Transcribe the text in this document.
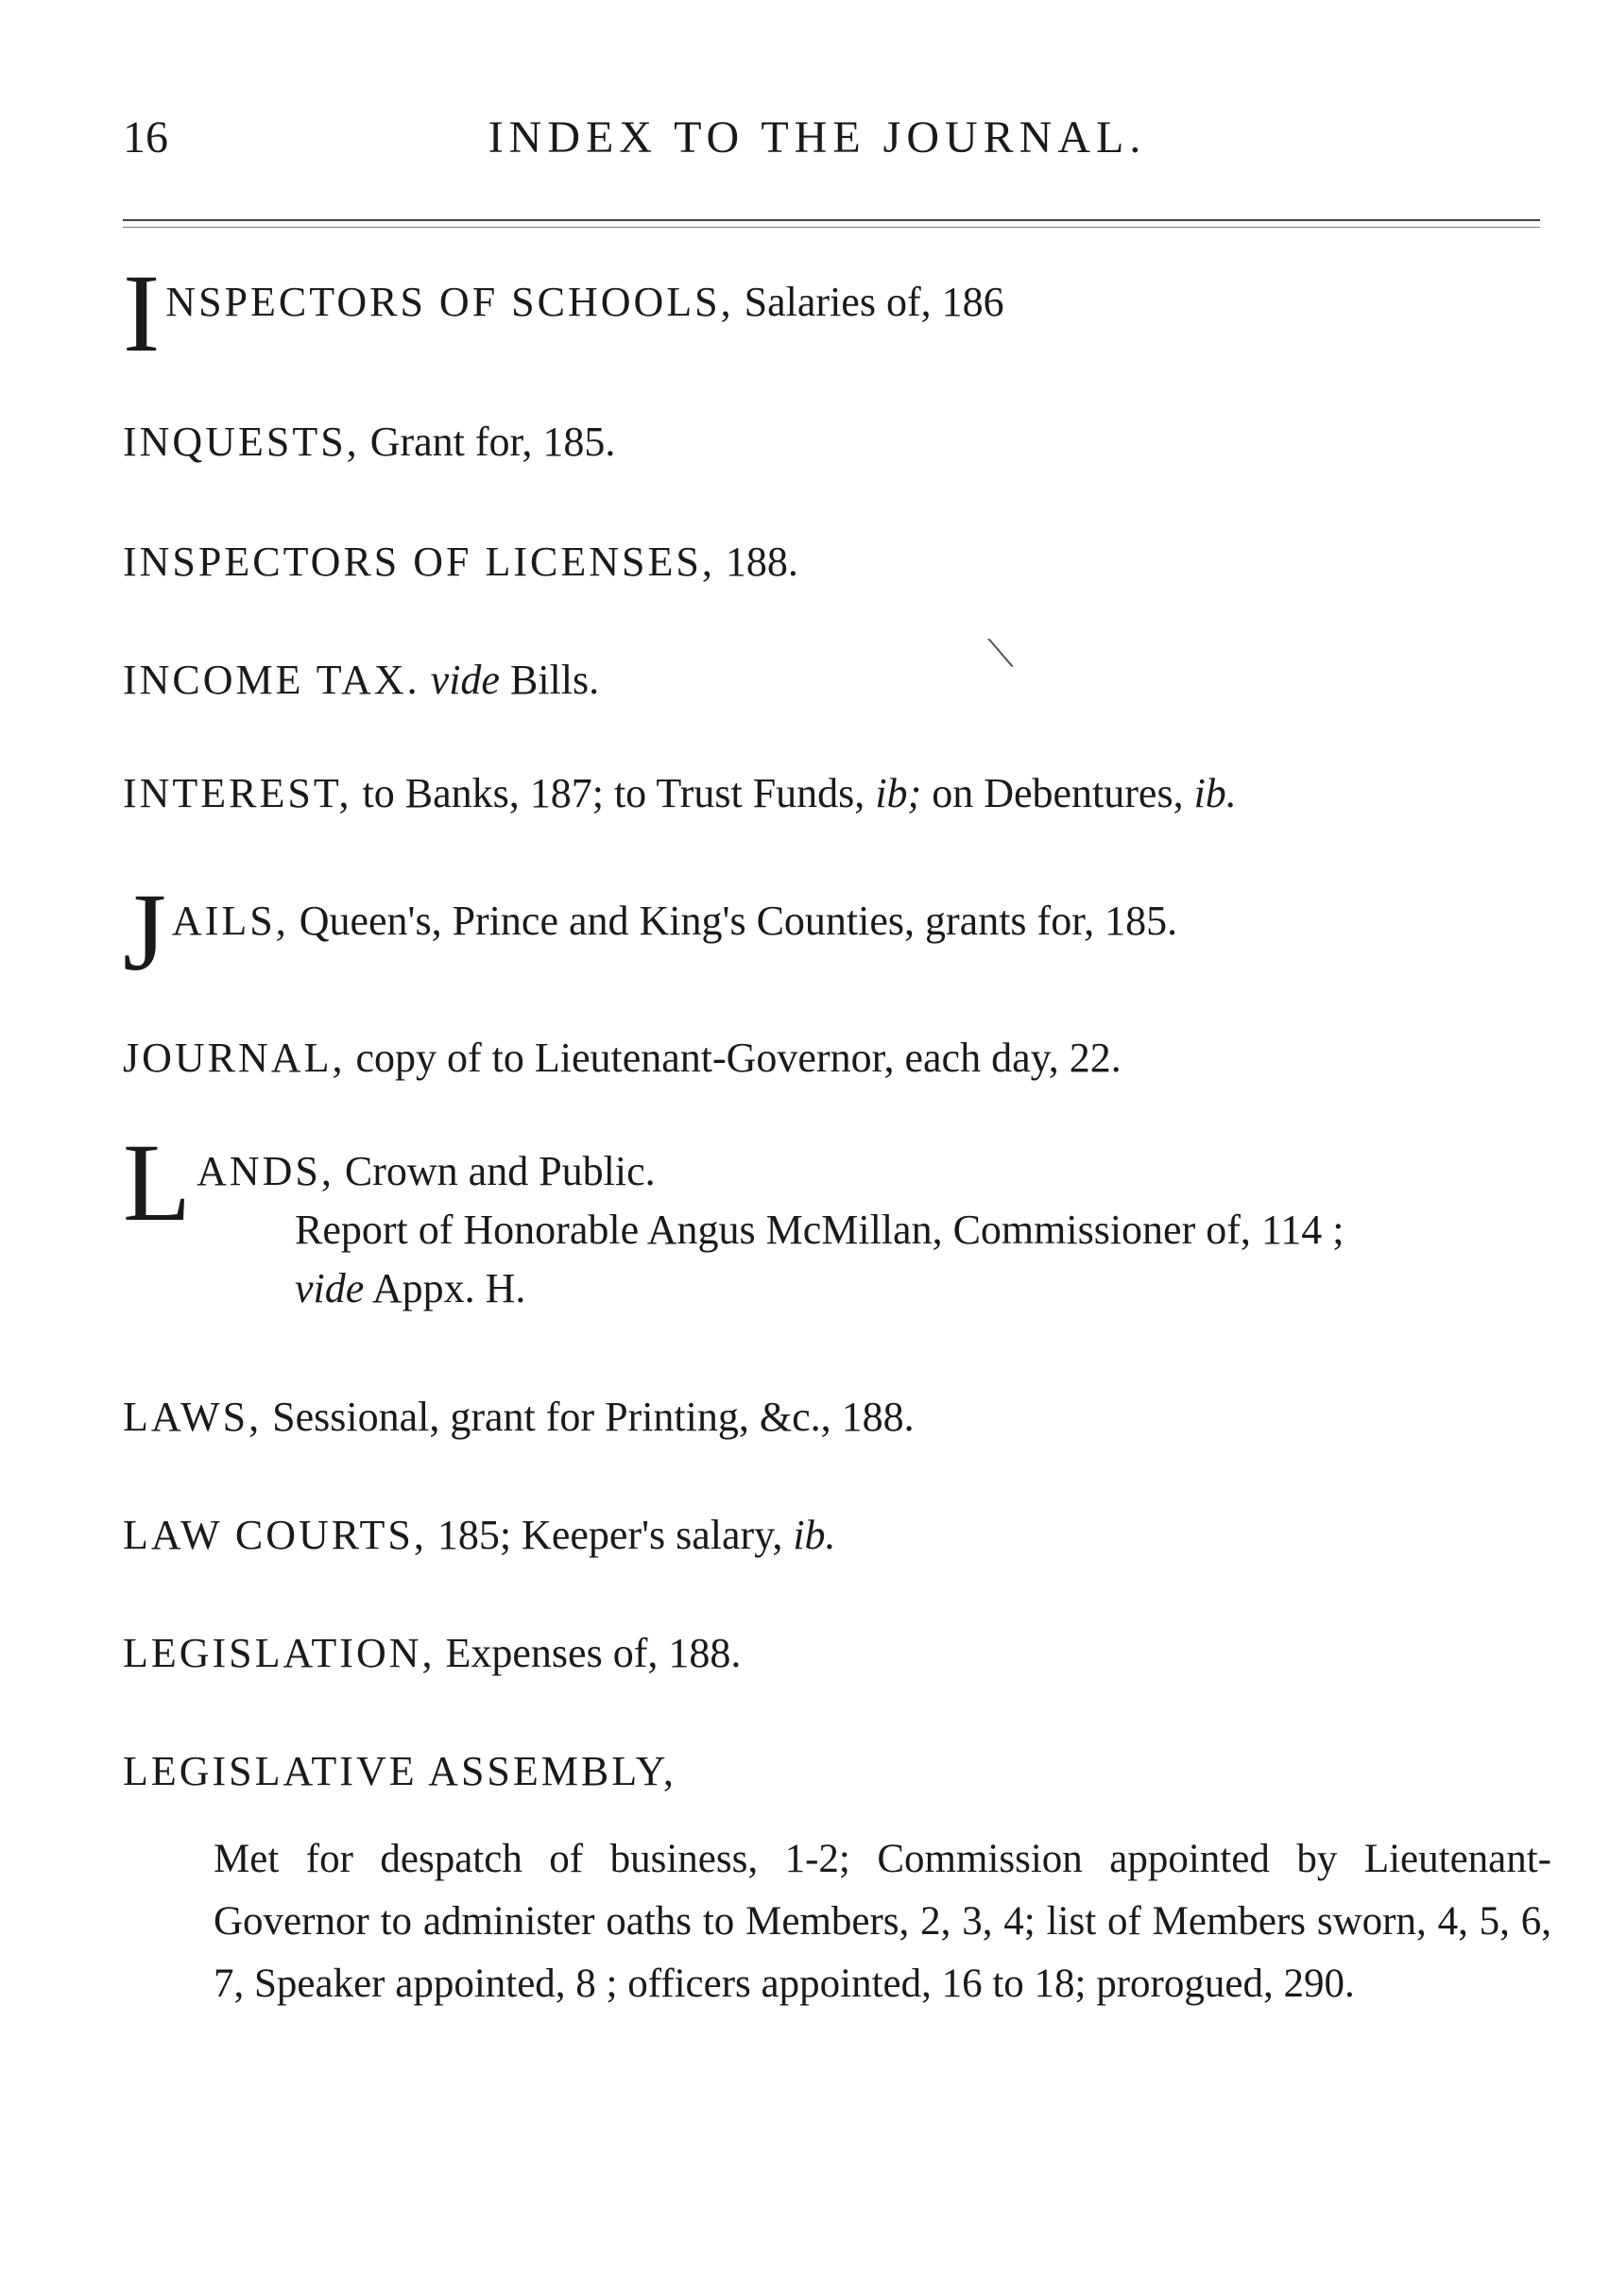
16	INDEX TO THE JOURNAL.
INSPECTORS OF SCHOOLS, Salaries of, 186
INQUESTS, Grant for, 185.
INSPECTORS OF LICENSES, 188.
INCOME TAX. vide Bills.
⟍
INTEREST, to Banks, 187; to Trust Funds, ib; on Debentures, ib.
JAILS, Queen's, Prince and King's Counties, grants for, 185.
JOURNAL, copy of to Lieutenant-Governor, each day, 22.
LANDS, Crown and Public.
Report of Honorable Angus McMillan, Commissioner of, 114 ;
vide Appx. H.
LAWS, Sessional, grant for Printing, &c., 188.
LAW COURTS, 185; Keeper's salary, ib.
LEGISLATION, Expenses of, 188.
LEGISLATIVE ASSEMBLY,
Met for despatch of business, 1-2; Commission appointed by Lieutenant-Governor to administer oaths to Members, 2, 3, 4; list of Members sworn, 4, 5, 6, 7, Speaker appointed, 8 ; officers appointed, 16 to 18; prorogued, 290.
